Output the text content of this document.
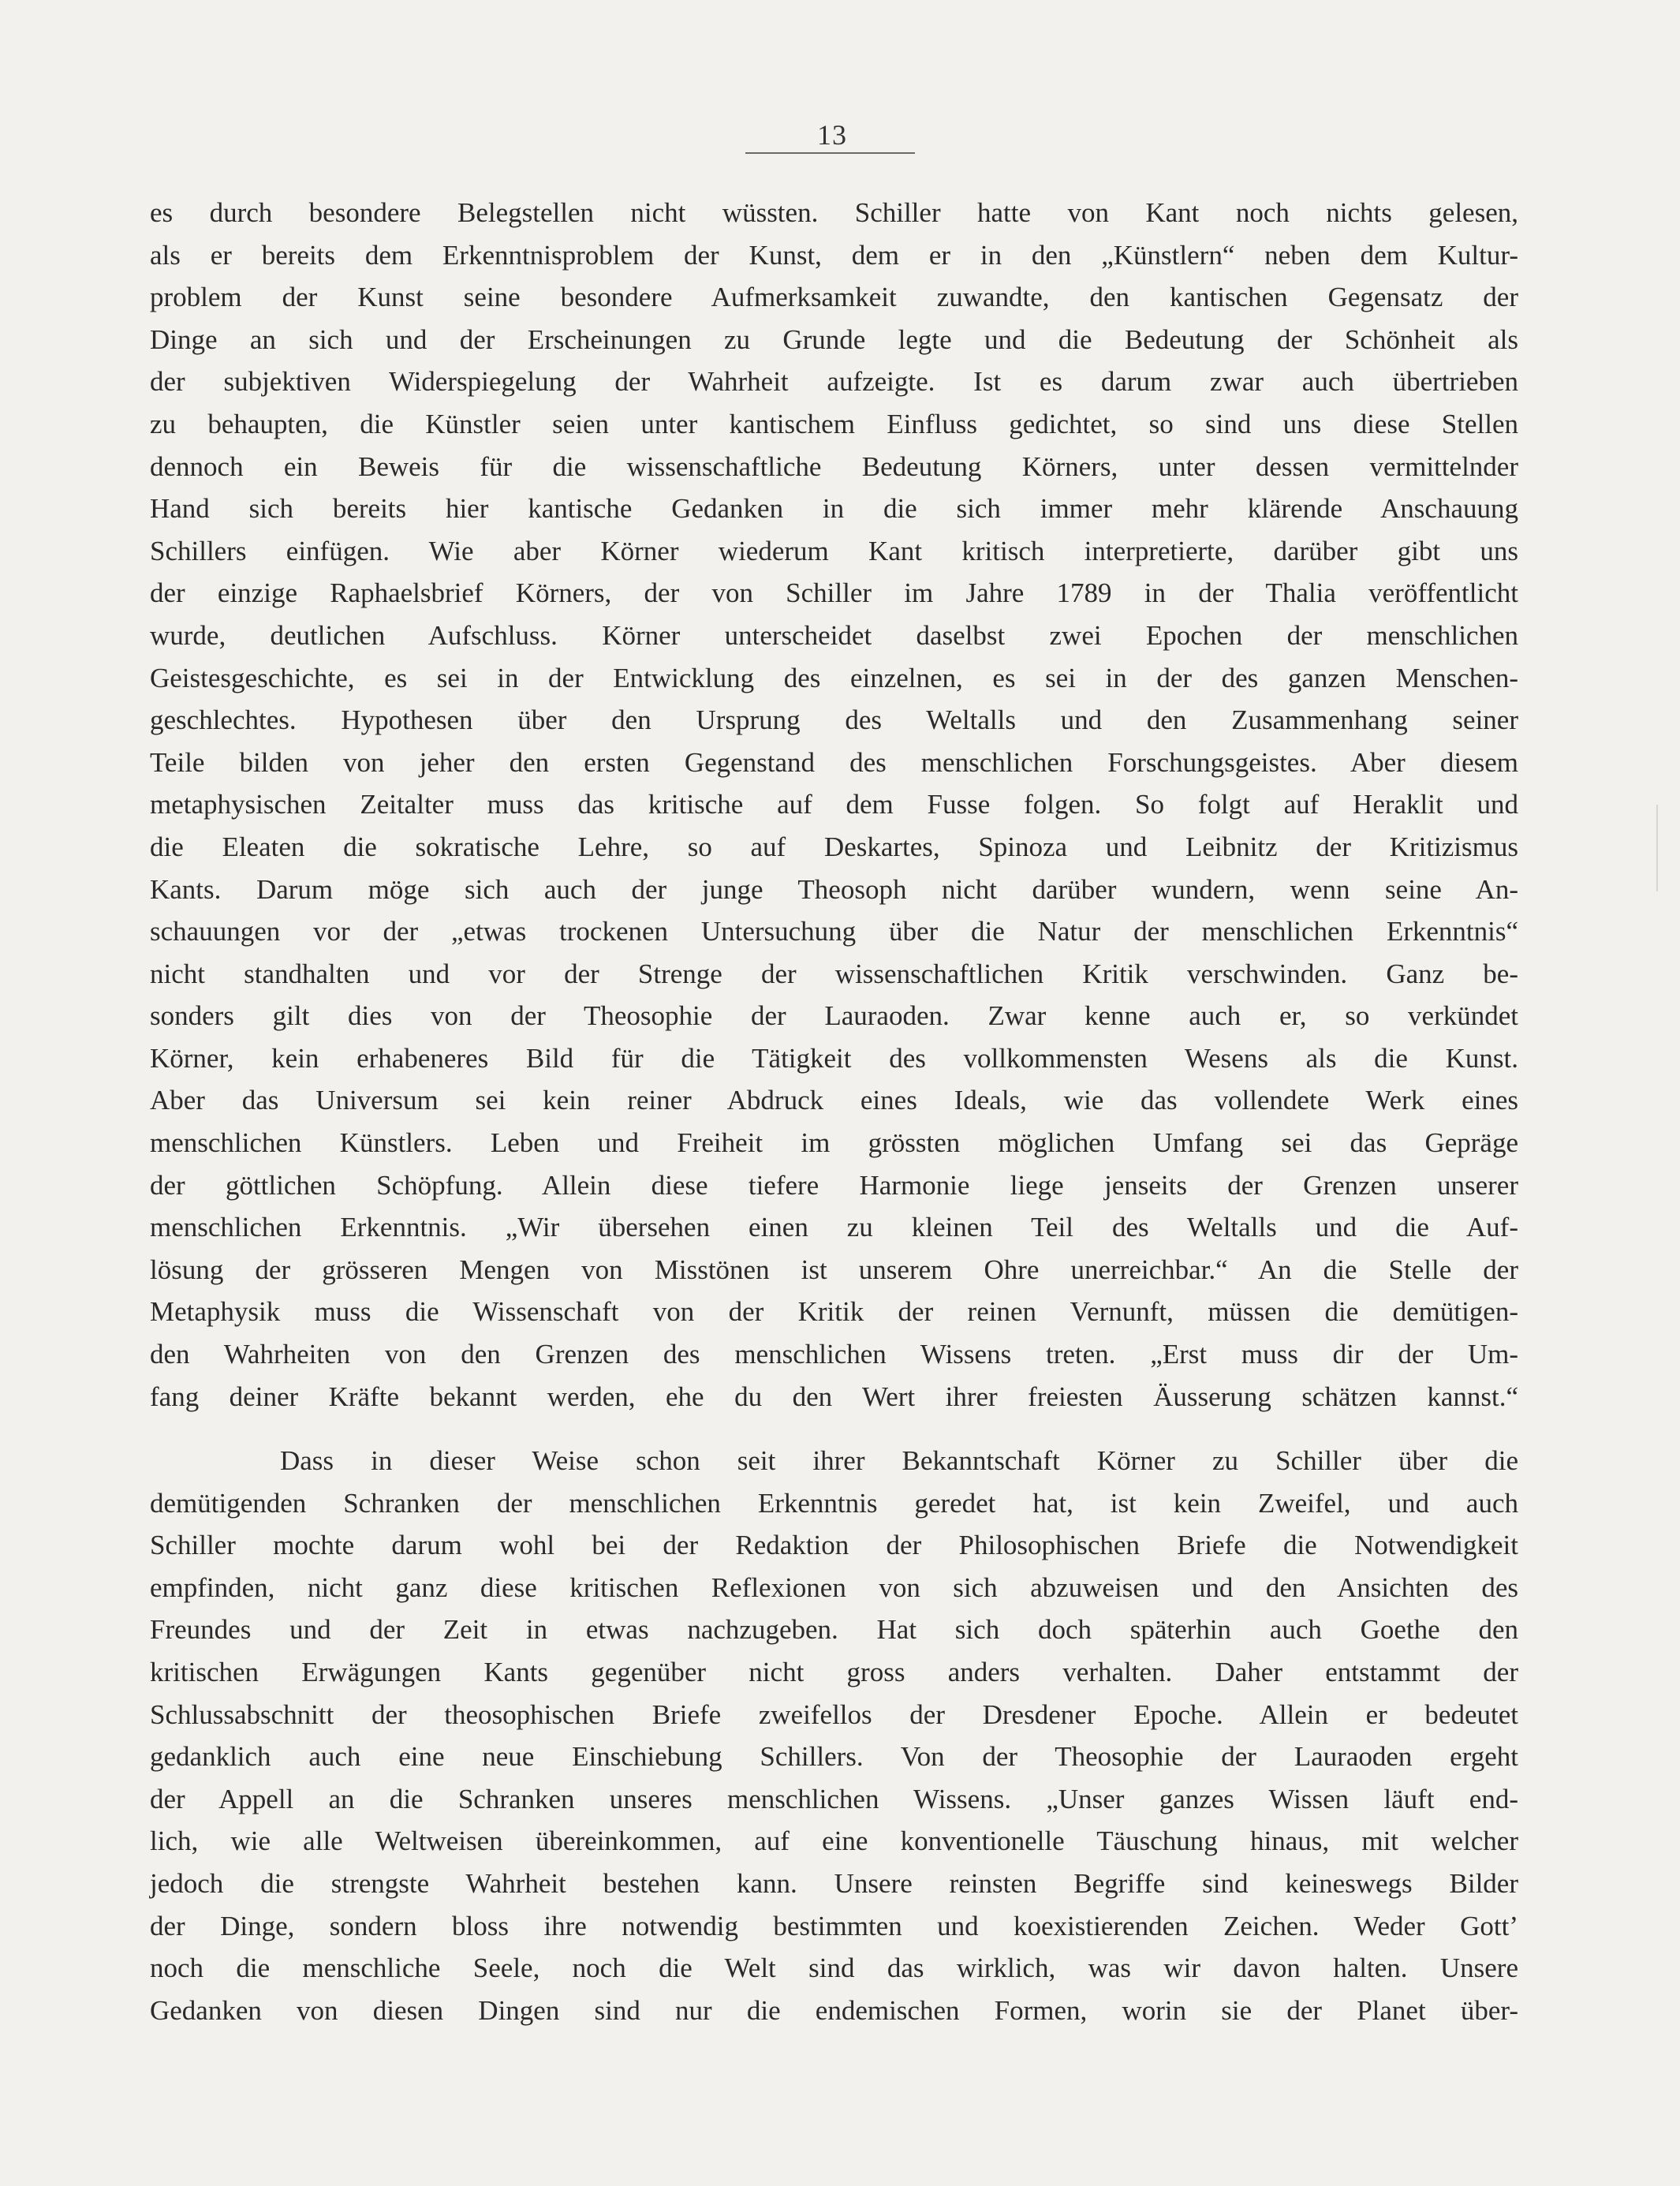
13
es durch besondere Belegstellen nicht wüssten. Schiller hatte von Kant noch nichts gelesen,
als er bereits dem Erkenntnisproblem der Kunst, dem er in den „Künstlern“ neben dem Kultur-
problem der Kunst seine besondere Aufmerksamkeit zuwandte, den kantischen Gegensatz der
Dinge an sich und der Erscheinungen zu Grunde legte und die Bedeutung der Schönheit als
der subjektiven Widerspiegelung der Wahrheit aufzeigte. Ist es darum zwar auch übertrieben
zu behaupten, die Künstler seien unter kantischem Einfluss gedichtet, so sind uns diese Stellen
dennoch ein Beweis für die wissenschaftliche Bedeutung Körners, unter dessen vermittelnder
Hand sich bereits hier kantische Gedanken in die sich immer mehr klärende Anschauung
Schillers einfügen. Wie aber Körner wiederum Kant kritisch interpretierte, darüber gibt uns
der einzige Raphaelsbrief Körners, der von Schiller im Jahre 1789 in der Thalia veröffentlicht
wurde, deutlichen Aufschluss. Körner unterscheidet daselbst zwei Epochen der menschlichen
Geistesgeschichte, es sei in der Entwicklung des einzelnen, es sei in der des ganzen Menschen-
geschlechtes. Hypothesen über den Ursprung des Weltalls und den Zusammenhang seiner
Teile bilden von jeher den ersten Gegenstand des menschlichen Forschungsgeistes. Aber diesem
metaphysischen Zeitalter muss das kritische auf dem Fusse folgen. So folgt auf Heraklit und
die Eleaten die sokratische Lehre, so auf Deskartes, Spinoza und Leibnitz der Kritizismus
Kants. Darum möge sich auch der junge Theosoph nicht darüber wundern, wenn seine An-
schauungen vor der „etwas trockenen Untersuchung über die Natur der menschlichen Erkenntnis“
nicht standhalten und vor der Strenge der wissenschaftlichen Kritik verschwinden. Ganz be-
sonders gilt dies von der Theosophie der Lauraoden. Zwar kenne auch er, so verkündet
Körner, kein erhabeneres Bild für die Tätigkeit des vollkommensten Wesens als die Kunst.
Aber das Universum sei kein reiner Abdruck eines Ideals, wie das vollendete Werk eines
menschlichen Künstlers. Leben und Freiheit im grössten möglichen Umfang sei das Gepräge
der göttlichen Schöpfung. Allein diese tiefere Harmonie liege jenseits der Grenzen unserer
menschlichen Erkenntnis. „Wir übersehen einen zu kleinen Teil des Weltalls und die Auf-
lösung der grösseren Mengen von Misstönen ist unserem Ohre unerreichbar.“ An die Stelle der
Metaphysik muss die Wissenschaft von der Kritik der reinen Vernunft, müssen die demütigen-
den Wahrheiten von den Grenzen des menschlichen Wissens treten. „Erst muss dir der Um-
fang deiner Kräfte bekannt werden, ehe du den Wert ihrer freiesten Äusserung schätzen kannst.“
Dass in dieser Weise schon seit ihrer Bekanntschaft Körner zu Schiller über die
demütigenden Schranken der menschlichen Erkenntnis geredet hat, ist kein Zweifel, und auch
Schiller mochte darum wohl bei der Redaktion der Philosophischen Briefe die Notwendigkeit
empfinden, nicht ganz diese kritischen Reflexionen von sich abzuweisen und den Ansichten des
Freundes und der Zeit in etwas nachzugeben. Hat sich doch späterhin auch Goethe den
kritischen Erwägungen Kants gegenüber nicht gross anders verhalten. Daher entstammt der
Schlussabschnitt der theosophischen Briefe zweifellos der Dresdener Epoche. Allein er bedeutet
gedanklich auch eine neue Einschiebung Schillers. Von der Theosophie der Lauraoden ergeht
der Appell an die Schranken unseres menschlichen Wissens. „Unser ganzes Wissen läuft end-
lich, wie alle Weltweisen übereinkommen, auf eine konventionelle Täuschung hinaus, mit welcher
jedoch die strengste Wahrheit bestehen kann. Unsere reinsten Begriffe sind keineswegs Bilder
der Dinge, sondern bloss ihre notwendig bestimmten und koexistierenden Zeichen. Weder Gott’
noch die menschliche Seele, noch die Welt sind das wirklich, was wir davon halten. Unsere
Gedanken von diesen Dingen sind nur die endemischen Formen, worin sie der Planet über-
